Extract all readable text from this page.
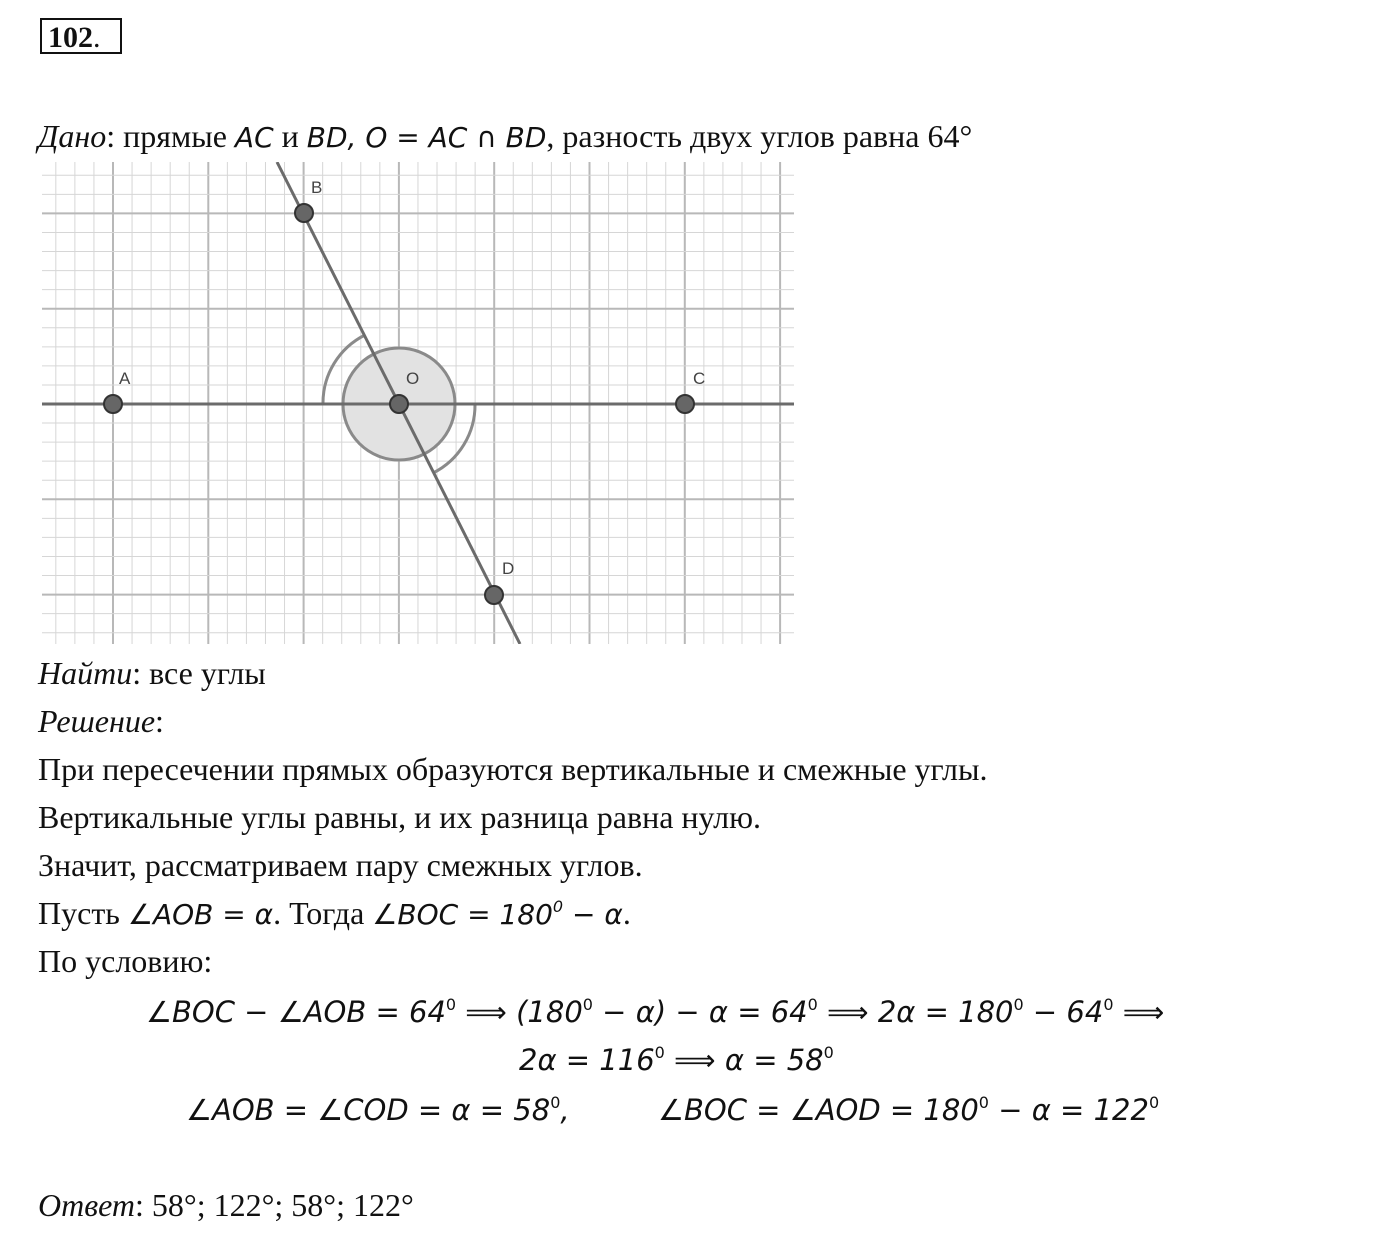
102.
Дано: прямые AC и BD, O = AC ∩ BD, разность двух углов равна 64°
A	O	C
B
D
Найти: все углы
Решение:
При пересечении прямых образуются вертикальные и смежные углы.
Вертикальные углы равны, и их разница равна нулю.
Значит, рассматриваем пару смежных углов.
Пусть ∠AOB = α. Тогда ∠BOC = $180^0 - \alpha$.
По условию:
∠BOC − ∠AOB = $64^0$ ⟹ $(180^0 - \alpha) - \alpha = 64^0$ ⟹ $2\alpha = 180^0 - 64^0$ ⟹
$2\alpha = 116^0$ ⟹ $\alpha = 58^0$
∠AOB = ∠COD = $\alpha = 58^0$,	∠BOC = ∠AOD = $180^0 - \alpha = 122^0$
Ответ: 58°; 122°; 58°; 122°
